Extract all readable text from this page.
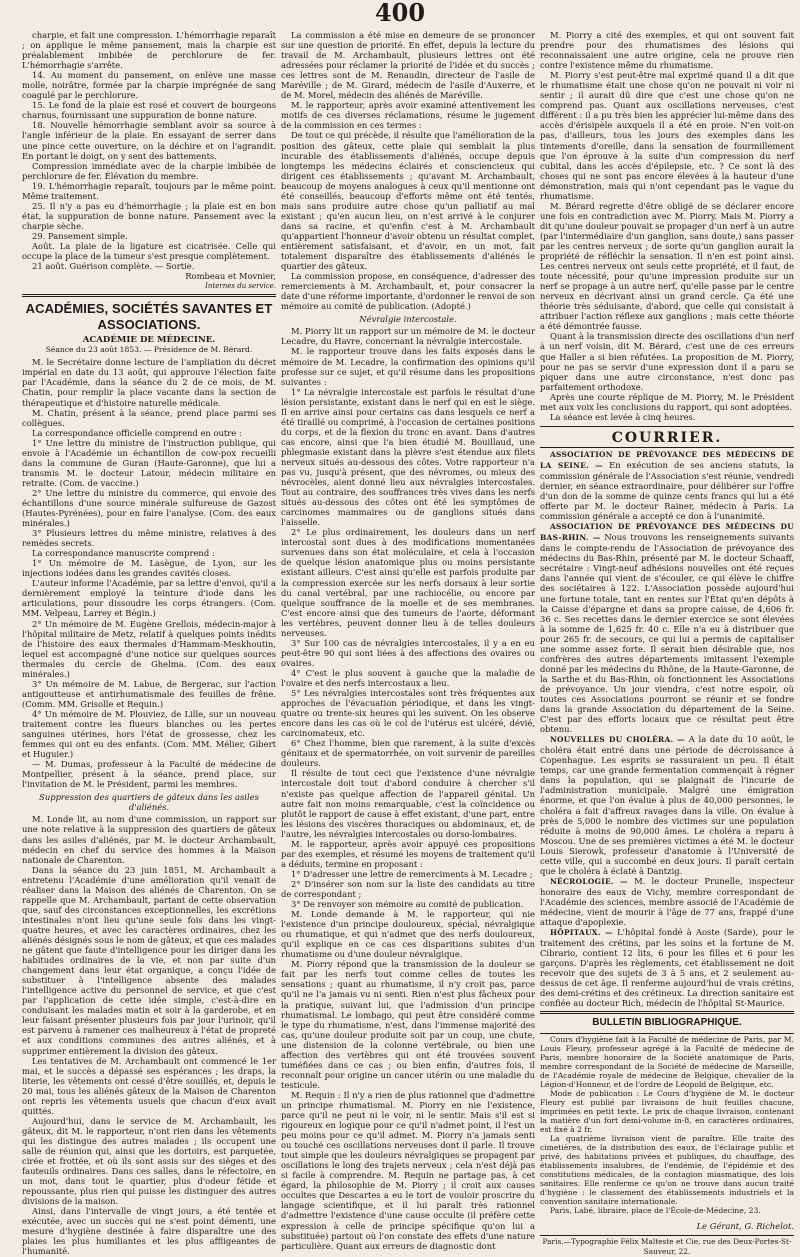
400

charpie, et fait une compression. L'hémorrhagie reparaît ; on applique le même pansement, mais la charpie est préalablement imbibée de perchlorure de fer. L'hémorrhagie s'arrête.

14. Au moment du pansement, on enlève une masse molle, noirâtre, formée par la charpie imprégnée de sang coagulé par le perchlorure.

15. Le fond de la plaie est rosé et couvert de bourgeons charnus, fournissant une suppuration de bonne nature.

18. Nouvelle hémorrhagie semblant avoir sa source à l'angle inférieur de la plaie. En essayant de serrer dans une pince cette ouverture, on la déchire et on l'agrandit. En portant le doigt, on y sent des battements.

Compression immédiate avec de la charpie imbibée de perchlorure de fer. Élévation du membre.

19. L'hémorrhagie reparaît, toujours par le même point. Même traitement.

25. Il n'y a pas eu d'hémorrhagie ; la plaie est en bon état, la suppuration de bonne nature. Pansement avec la charpie sèche.

29. Pansement simple.

Août. La plaie de la ligature est cicatrisée. Celle qui occupe la place de la tumeur s'est presque complètement.

21 août. Guérison complète. — Sortie.

Rombeau et Movnier,
Internes du service.

ACADÉMIES, SOCIÉTÉS SAVANTES ET ASSOCIATIONS.
ACADÉMIE DE MÉDECINE.
Séance du 23 août 1853. — Présidence de M. Bérard.

M. le Secrétaire donne lecture de l'ampliation du décret impérial en date du 13 août, qui approuve l'élection faite par l'Académie, dans la séance du 2 de ce mois, de M. Chatin, pour remplir la place vacante dans la section de thérapeutique et d'histoire naturelle médicale.

M. Chatin, présent à la séance, prend place parmi ses collègues.

La correspondance officielle comprend en outre :

1° Une lettre du ministre de l'instruction publique, qui envoie à l'Académie un échantillon de cow-pox recueilli dans la commune de Guran (Haute-Garonne), que lui a transmis M. le docteur Latour, médecin militaire en retraite. (Com. de vaccine.)

2° Une lettre du ministre du commerce, qui envoie des échantillons d'une source minérale sulfureuse de Gazost (Hautes-Pyrénées), pour en faire l'analyse. (Com. des eaux minérales.)

3° Plusieurs lettres du même ministre, relatives à des remèdes secrets.

La correspondance manuscrite comprend :

1° Un mémoire de M. Lasègue, de Lyon, sur les injections iodées dans les grandes cavités closes.

L'auteur informe l'Académie, par sa lettre d'envoi, qu'il a dernièrement employé la teinture d'iode dans les articulations, pour dissoudre les corps étrangers. (Com. MM. Velpeau, Larrey et Bégin.)

2° Un mémoire de M. Eugène Grellois, médecin-major à l'hôpital militaire de Metz, relatif à quelques points inédits de l'histoire des eaux thermales d'Hammam-Meskhoutin, lequel est accompagné d'une notice sur quelques sources thermales du cercle de Ghelma. (Com. des eaux minérales.)

3° Un mémoire de M. Labue, de Bergerac, sur l'action antigoutteuse et antirhumatismale des feuilles de frêne. (Comm. MM. Grisolle et Requin.)

4° Un mémoire de M. Plouviez, de Lille, sur un nouveau traitement contre les flueurs blanches ou les pertes sanguines utérines, hors l'état de grossesse, chez les femmes qui ont eu des enfants. (Com. MM. Mélier, Gibert et Huguier.)

— M. Dumas, professeur à la Faculté de médecine de Montpellier, présent à la séance, prend place, sur l'invitation de M. le Président, parmi les membres.

Suppression des quartiers de gâteux dans les asiles d'aliénés.

M. Londe lit, au nom d'une commission, un rapport sur une note relative à la suppression des quartiers de gâteux dans les asiles d'aliénés, par M. le docteur Archambault, médecin en chef du service des hommes à la Maison nationale de Charenton.

Dans la séance du 23 juin 1851, M. Archambault a entretenu l'Académie d'une amélioration qu'il venait de réaliser dans la Maison des aliénés de Charenton. On se rappelle que M. Archambault, partant de cette observation que, sauf des circonstances exceptionnelles, les excrétions intestinales n'ont lieu qu'une seule fois dans les vingt-quatre heures, et avec les caractères ordinaires, chez les aliénés désignés sous le nom de gâteux, et que ces malades ne gâtent que faute d'intelligence pour les diriger dans les habitudes ordinaires de la vie, et non par suite d'un changement dans leur état organique, a conçu l'idée de substituer à l'intelligence absente des malades l'intelligence active du personnel de service, et que c'est par l'application de cette idée simple, c'est-à-dire en conduisant les malades matin et soir à la garderobe, et en leur faisant présenter plusieurs fois par jour l'urinoir, qu'il est parvenu à ramener ces malheureux à l'état de propreté et aux conditions communes des autres aliénés, et à supprimer entièrement la division des gâteux.

Les tentatives de M. Archambault ont commencé le 1er mai, et le succès a dépassé ses espérances ; les draps, la literie, les vêtements ont cessé d'être souillés, et, depuis le 20 mai, tous les aliénés gâteux de la Maison de Charenton ont repris les vêtements usuels que chacun d'eux avait quittés.

Aujourd'hui, dans le service de M. Archambault, les gâteux, dit M. le rapporteur, n'ont rien dans les vêtements qui les distingue des autres malades ; ils occupent une salle de réunion qui, ainsi que les dortoirs, est parquetée, cirée et frottée, et où ils sont assis sur des sièges et des fauteuils ordinaires. Dans ces salles, dans le réfectoire, en un mot, dans tout le quartier, plus d'odeur fétide et repoussante, plus rien qui puisse les distinguer des autres divisions de la maison.

Ainsi, dans l'intervalle de vingt jours, a été tentée et exécutée, avec un succès qui ne s'est point démenti, une mesure d'hygiène destinée à faire disparaître une des plaies les plus humiliantes et les plus affligeantes de l'humanité.

La commission a été mise en demeure de se prononcer sur une question de priorité. En effet, depuis la lecture du travail de M. Archambault, plusieurs lettres ont été adressées pour réclamer la priorité de l'idée et du succès ; ces lettres sont de M. Renaudin, directeur de l'asile de Maréville ; de M. Girard, médecin de l'asile d'Auxerre, et de M. Morel, médecin des aliénés de Maréville.

M. le rapporteur, après avoir examiné attentivement les motifs de ces diverses réclamations, résume le jugement de la commission en ces termes :

De tout ce qui précède, il résulte que l'amélioration de la position des gâteux, cette plaie qui semblait la plus incurable des établissements d'aliénés, occupe depuis longtemps les médecins éclairés et consciencieux qui dirigent ces établissements ; qu'avant M. Archambault, beaucoup de moyens analogues à ceux qu'il mentionne ont été conseillés, beaucoup d'efforts même ont été tentés, mais sans produire autre chose qu'un palliatif au mal existant ; qu'en aucun lieu, on n'est arrivé à le conjurer dans sa racine, et qu'enfin c'est à M. Archambault qu'appartient l'honneur d'avoir obtenu un résultat complet, entièrement satisfaisant, et d'avoir, en un mot, fait totalement disparaître des établissements d'aliénés le quartier des gâteux.

La commission propose, en conséquence, d'adresser des remerciements à M. Archambault, et, pour consacrer la date d'une réforme importante, d'ordonner le renvoi de son mémoire au comité de publication. (Adopté.)

Névralgie intercostale.

M. Piorry lit un rapport sur un mémoire de M. le docteur Lecadre, du Havre, concernant la névralgie intercostale.

M. le rapporteur trouve dans les faits exposés dans le mémoire de M. Lecadre, la confirmation des opinions qu'il professe sur ce sujet, et qu'il résume dans les propositions suivantes :

1° La névralgie intercostale est parfois le résultat d'une lésion persistante, existant dans le nerf qui en est le siège. Il en arrive ainsi pour certains cas dans lesquels ce nerf a été tiraillé ou comprimé, à l'occasion de certaines positions du corps, et de la flexion du tronc en avant. Dans d'autres cas encore, ainsi que l'a bien étudié M. Bouillaud, une phlegmasie existant dans la plèvre s'est étendue aux filets nerveux situés au-dessous des côtes. Votre rapporteur n'a pas vu, jusqu'à présent, que des névromes, ou mieux des névrocèles, aient donné lieu aux névralgies intercostales. Tout au contraire, des souffrances très vives dans les nerfs situés au-dessous des côtes ont été les symptômes de carcinomes mammaires ou de ganglions situés dans l'aisselle.

2° Le plus ordinairement, les douleurs dans un nerf intercostal sont dues à des modifications momentanées survenues dans son état moléculaire, et cela à l'occasion de quelque lésion anatomique plus ou moins persistante existant ailleurs. C'est ainsi qu'elle est parfois produite par la compression exercée sur les nerfs dorsaux à leur sortie du canal vertébral, par une rachiocélie, ou encore par quelque souffrance de la moelle et de ses membranes. C'est encore ainsi que des tumeurs de l'aorte, déformant les vertèbres, peuvent donner lieu à de telles douleurs nerveuses.

3° Sur 100 cas de névralgies intercostales, il y a en eu peut-être 90 qui sont liées à des affections des ovaires ou ovaires.

4° C'est le plus souvent à gauche que la maladie de l'ovaire et des nerfs intercostaux a lieu.

5° Les névralgies intercostales sont très fréquentes aux approches de l'évacuation périodique, et dans les vingt-quatre ou trente-six heures qui les suivent. On les observe encore dans les cas où le col de l'utérus est ulcéré, dévié, carcinomateux, etc.

6° Chez l'homme, bien que rarement, à la suite d'excès génitaux et de spermatorrhée, on voit survenir de pareilles douleurs.

Il résulte de tout ceci que l'existence d'une névralgie intercostale doit tout d'abord conduire à chercher s'il n'existe pas quelque affection de l'appareil génital. Un autre fait non moins remarquable, c'est la coïncidence ou plutôt le rapport de cause à effet existant, d'une part, entre les lésions des viscères thoraciques ou abdominaux, et, de l'autre, les névralgies intercostales ou dorso-lombaires.

M. le rapporteur, après avoir appuyé ces propositions par des exemples, et résumé les moyens de traitement qu'il a déduits, termine en proposant :

1° D'adresser une lettre de remerciments à M. Lecadre ;

2° D'insérer son nom sur la liste des candidats au titre de correspondant ;

3° De renvoyer son mémoire au comité de publication.

M. Londe demande à M. le rapporteur, qui nie l'existence d'un principe douloureux, spécial, névralgique ou rhumatique, et qui n'admet que des nerfs douloureux, qu'il explique en ce cas ces disparitions subites d'un rhumatisme ou d'une douleur névralgique.

M. Piorry répond que la transmission de la douleur se fait par les nerfs tout comme celles de toutes les sensations ; quant au rhumatisme, il n'y croit pas, parce qu'il ne l'a jamais vu ni senti. Rien n'est plus fâcheux pour la pratique, suivant lui, que l'admission d'un principe rhumatismal. Le lombago, qui peut être considéré comme le type du rhumatisme, n'est, dans l'immense majorité des cas, qu'une douleur produite soit par un coup, une chute, une distension de la colonne vertébrale, ou bien une affection des vertèbres qui ont été trouvées souvent tuméfiées dans ce cas ; ou bien enfin, d'autres fois, il reconnaît pour origine un cancer utérin ou une maladie du testicule.

M. Requin : Il n'y a rien de plus rationnel que d'admettre un principe rhumatismal. M. Piorry en nie l'existence, parce qu'il ne peut ni le voir, ni le sentir. Mais s'il est si rigoureux en logique pour ce qu'il n'admet point, il l'est un peu moins pour ce qu'il admet. M. Piorry n'a jamais senti ou touché ces oscillations nerveuses dont il parle. Il trouve tout simple que les douleurs névralgiques se propagent par oscillations le long des trajets nerveux ; cela n'est déjà pas si facile à comprendre. M. Requin ne partage pas, à cet égard, la philosophie de M. Piorry ; il croit aux causes occultes que Descartes a eu le tort de vouloir proscrire du langage scientifique, et il lui paraît très rationnel d'admettre l'existence d'une cause occulte (il préfère cette expression à celle de principe spécifique qu'on lui a substituée) partout où l'on constate des effets d'une nature particulière. Quant aux erreurs de diagnostic dont

M. Piorry a cité des exemples, et qui ont souvent fait prendre pour des rhumatismes des lésions qui reconnaissaient une autre origine, cela ne prouve rien contre l'existence même du rhumatisme.

M. Piorry s'est peut-être mal exprimé quand il a dit que le rhumatisme était une chose qu'on ne pouvait ni voir ni sentir ; il aurait dû dire que c'est une chose qu'on ne comprend pas. Quant aux oscillations nerveuses, c'est différent : il a pu très bien les apprécier lui-même dans des accès d'érisipèle auxquels il a été en proie. N'en voit-on pas, d'ailleurs, tous les jours des exemples dans les tintements d'oreille, dans la sensation de fourmillement que l'on éprouve à la suite d'un compression du nerf cubital, dans les accès d'épilepsie, etc. ? Ce sont là des choses qui ne sont pas encore élevées à la hauteur d'une démonstration, mais qui n'ont cependant pas le vague du rhumatisme.

M. Bérard regrette d'être obligé de se déclarer encore une fois en contradiction avec M. Piorry. Mais M. Piorry a dit qu'une douleur pouvait se propager d'un nerf à un autre (par l'intermédiaire d'un ganglion, sans doute,) sans passer par les centres nerveux ; de sorte qu'un ganglion aurait la propriété de réfléchir la sensation. Il n'en est point ainsi. Les centres nerveux ont seuls cette propriété, et il faut, de toute nécessité, pour qu'une impression produite sur un nerf se propage à un autre nerf, qu'elle passe par le centre nerveux en décrivant ainsi un grand cercle. Ça été une théorie très séduisante, d'abord, que celle qui consistait à attribuer l'action réflexe aux ganglions ; mais cette théorie a été démontrée fausse.

Quant à la transmission directe des oscillations d'un nerf à un nerf voisin, dit M. Bérard, c'est une de ces erreurs que Haller a si bien réfutées. La proposition de M. Piorry, pour ne pas se servir d'une expression dont il a paru se piquer dans une autre circonstance, n'est donc pas parfaitement orthodoxe.

Après une courte réplique de M. Piorry, M. le Président met aux voix les conclusions du rapport, qui sont adoptées.

La séance est levée à cinq heures.

COURRIER.

ASSOCIATION DE PRÉVOYANCE DES MÉDECINS DE LA SEINE. — En exécution de ses anciens statuts, la commission générale de l'Association s'est réunie, vendredi dernier, en séance extraordinaire, pour délibérer sur l'offre d'un don de la somme de quinze cents francs qui lui a été offerte par M. le docteur Rainer, médecin à Paris. La commission générale a accepté ce don à l'unanimité.

ASSOCIATION DE PRÉVOYANCE DES MÉDECINS DU BAS-RHIN. — Nous trouvons les renseignements suivants dans le compte-rendu de l'Association de prévoyance des médecins du Bas-Rhin, présenté par M. le docteur Schaaff, secrétaire : Vingt-neuf adhésions nouvelles ont été reçues dans l'année qui vient de s'écouler, ce qui élève le chiffre des sociétaires à 122. L'Association possède aujourd'hui une fortune totale, tant en rentes sur l'État qu'en dépôts à la Caisse d'épargne et dans sa propre caisse, de 4,606 fr. 36 c. Ses recettes dans le dernier exercice se sont élevées à la somme de 1,625 fr. 40 c. Elle n'a eu à distribuer que pour 265 fr. de secours, ce qui lui a permis de capitaliser une somme assez forte. Il serait bien désirable que, nos confrères des autres départements imitassent l'exemple donné par les médecins du Rhône, de la Haute-Garonne, de la Sarthe et du Bas-Rhin, où fonctionnent les Associations de prévoyance. Un jour viendra, c'est notre espoir, où toutes ces Associations pourront se réunir et se fondre dans la grande Association du département de la Seine. C'est par des efforts locaux que ce résultat peut être obtenu.

NOUVELLES DU CHOLÉRA. — A la date du 10 août, le choléra était entré dans une période de décroissance à Copenhague. Les esprits se rassuraient un peu. Il était temps, car une grande fermentation commençait à régner dans la population, qui se plaignait de l'incurie de l'administration municipale. Malgré une émigration énorme, et que l'on évalue à plus de 40,000 personnes, le choléra a fait d'affreux ravages dans la ville. On évalue à près de 5,000 le nombre des victimes sur une population réduite à moins de 90,000 âmes. Le choléra a reparu à Moscou. Une de ses premières victimes a été M. le docteur Louis Sierowk, professeur d'anatomie à l'Université de cette ville, qui a succombé en deux jours. Il paraît certain que le choléra à éclaté à Dantzig.

NÉCROLOGIE. — M. le docteur Prunelle, inspecteur honoraire des eaux de Vichy, membre correspondant de l'Académie des sciences, membre associé de l'Académie de médecine, vient de mourir à l'âge de 77 ans, frappé d'une attaque d'apoplexie.

HÔPITAUX. — L'hôpital fondé à Aoste (Sarde), pour le traitement des crétins, par les soins et la fortune de M. Cibrario, contient 12 lits, 6 pour les filles et 6 pour les garçons. D'après les règlements, cet établissement ne doit recevoir que des sujets de 3 à 5 ans, et 2 seulement au-dessus de cet âge. Il renferme aujourd'hui de vrais crétins, des demi-crétins et des crétineux. La direction sanitaire est confiée au docteur Rich, médecin de l'hôpital St-Maurice.

BULLETIN BIBLIOGRAPHIQUE.

Cours d'hygiène fait à la Faculté de médecine de Paris, par M. Louis Fleury, professeur agrégé à la Faculté de médecine de Paris, membre honoraire de la Société anatomique de Paris, membre correspondant de la Société de médecine de Marseille, de l'Académie royale de médecine de Belgique, chevalier de la Légion-d'Honneur, et de l'ordre de Léopold de Belgique, etc.

Mode de publication : Le Cours d'hygiène de M. le docteur Fleury est publié par livraisons de huit feuilles chacune, imprimées en petit texte. Le prix de chaque livraison, contenant la matière d'un fort demi-volume in-8, en caractères ordinaires, est fixé à 2 fr.

La quatrième livraison vient de paraître. Elle traite des cimetières, de la distribution des eaux, de l'éclairage public et privé, des habitations privées et publiques, du chauffage, des établissements insalubres, de l'endémie, de l'épidémie et des constitutions médicales, de la contagion miasmatique, des lois sanitaires. Elle renferme ce qu'on ne trouve dans aucun traité d'hygiène : le classement des établissements industriels et la convention sanitaire internationale.

Paris, Labé, libraire, place de l'École-de-Médecine, 23.

Le Gérant, G. Richelot.
Paris.—Typographie Félix Malteste et Cie, rue des Deux-Portes-St-Sauveur, 22.
